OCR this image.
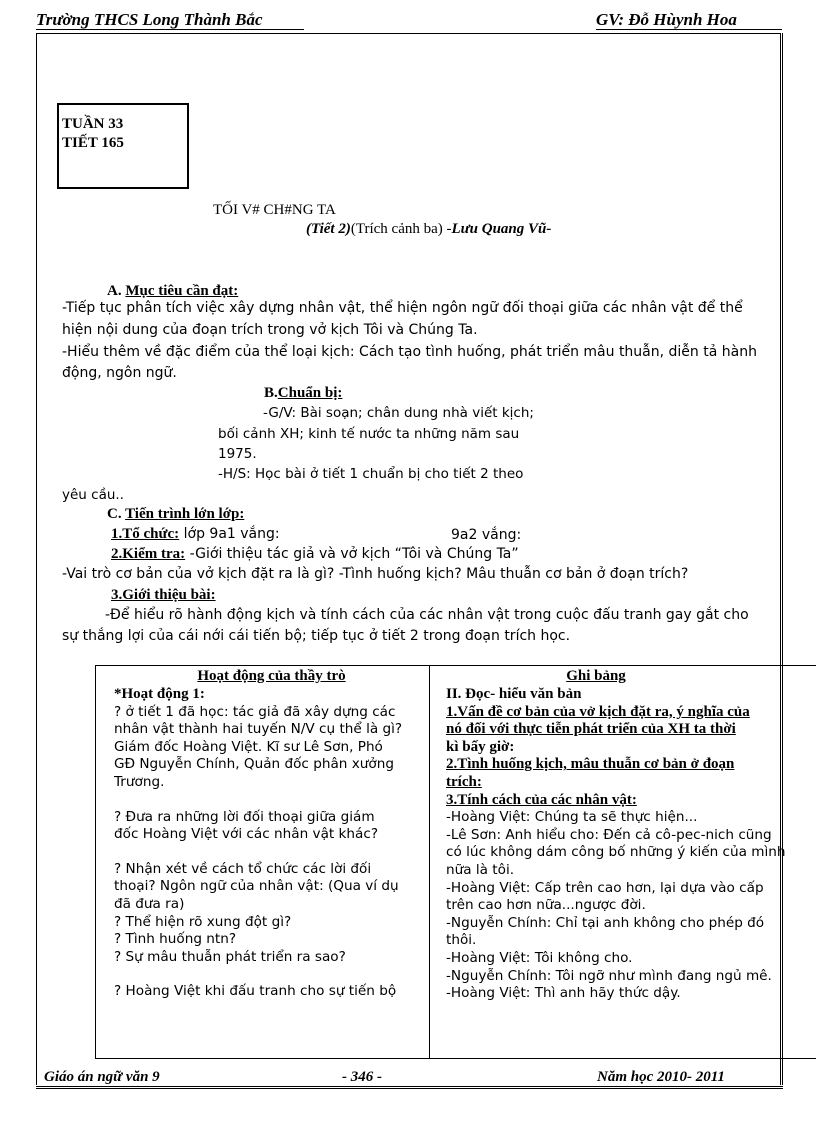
Trường THCS Long Thành Bắc	GV: Đỗ Hùynh Hoa
TUẦN 33
TIẾT 165
TỐI V# CH#NG TA
(Tiết 2)(Trích cảnh ba) -Lưu Quang Vũ-
A. Mục tiêu cần đạt:
-Tiếp tục phân tích việc xây dựng nhân vật, thể hiện ngôn ngữ đối thoại giữa các nhân vật để thể
hiện nội dung của đoạn trích trong vở kịch Tôi và Chúng Ta.
-Hiểu thêm về đặc điểm của thể loại kịch: Cách tạo tình huống, phát triển mâu thuẫn, diễn tả hành
động, ngôn ngữ.
B.Chuẩn bị:
-G/V: Bài soạn; chân dung nhà viết kịch;
bối cảnh XH; kinh tế nước ta những năm sau
1975.
-H/S: Học bài ở tiết 1 chuẩn bị cho tiết 2 theo
yêu cầu..
C. Tiến trình lớn lớp:
1.Tổ chức: lớp 9a1 vắng:	9a2 vắng:
2.Kiểm tra: -Giới thiệu tác giả và vở kịch “Tôi và Chúng Ta”
-Vai trò cơ bản của vở kịch đặt ra là gì? -Tình huống kịch? Mâu thuẫn cơ bản ở đoạn trích?
3.Giới thiệu bài:
-Để hiểu rõ hành động kịch và tính cách của các nhân vật trong cuộc đấu tranh gay gắt cho
sự thắng lợi của cái nới cái tiến bộ; tiếp tục ở tiết 2 trong đoạn trích học.
Hoạt động của thầy trò
*Hoạt động 1:
? ở tiết 1 đã học: tác giả đã xây dựng các
nhân vật thành hai tuyến N/V cụ thể là gì?
Giám đốc Hoàng Việt. Kĩ sư Lê Sơn, Phó
GĐ Nguyễn Chính, Quản đốc phân xưởng
Trương.
? Đưa ra những lời đối thoại giữa giám
đốc Hoàng Việt với các nhân vật khác?
? Nhận xét về cách tổ chức các lời đối
thoại? Ngôn ngữ của nhân vật: (Qua ví dụ
đã đưa ra)
? Thể hiện rõ xung đột gì?
? Tình huống ntn?
? Sự mâu thuẫn phát triển ra sao?
? Hoàng Việt khi đấu tranh cho sự tiến bộ

Ghi bảng
II. Đọc- hiểu văn bản
1.Vấn đề cơ bản của vở kịch đặt ra, ý nghĩa của
nó đối với thực tiễn phát triển của XH ta thời
kì bấy giờ:
2.Tình huống kịch, mâu thuẫn cơ bản ở đoạn
trích:
3.Tính cách của các nhân vật:
-Hoàng Việt: Chúng ta sẽ thực hiện...
-Lê Sơn: Anh hiểu cho: Đến cả cô-pec-nich cũng
có lúc không dám công bố những ý kiến của mình
nữa là tôi.
-Hoàng Việt: Cấp trên cao hơn, lại dựa vào cấp
trên cao hơn nữa...ngược đời.
-Nguyễn Chính: Chỉ tại anh không cho phép đó
thôi.
-Hoàng Việt: Tôi không cho.
-Nguyễn Chính: Tôi ngỡ như mình đang ngủ mê.
-Hoàng Việt: Thì anh hãy thức dậy.
Giáo án ngữ văn 9	- 346 -	Năm học 2010- 2011
